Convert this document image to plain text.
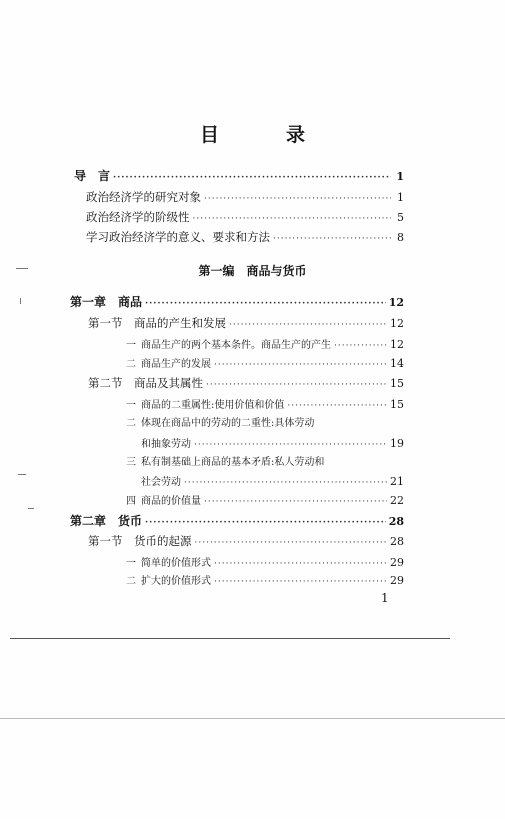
目　录
导　言 ·····	1
政治经济学的研究对象 ·····	1
政治经济学的阶级性 ·····	5
学习政治经济学的意义、要求和方法 ·····	8
第一编　商品与货币
第一章　商品 ·····	12
第一节　商品的产生和发展 ·····	12
一 商品生产的两个基本条件。商品生产的产生 ·····	12
二 商品生产的发展 ·····	14
第二节　商品及其属性 ·····	15
一 商品的二重属性:使用价值和价值 ·····	15
二 体现在商品中的劳动的二重性:具体劳动
和抽象劳动 ·····	19
三 私有制基础上商品的基本矛盾:私人劳动和
社会劳动 ·····	21
四 商品的价值量 ·····	22
第二章　货币 ·····	28
第一节　货币的起源 ·····	28
一 简单的价值形式 ·····	29
二 扩大的价值形式 ·····	29
1
